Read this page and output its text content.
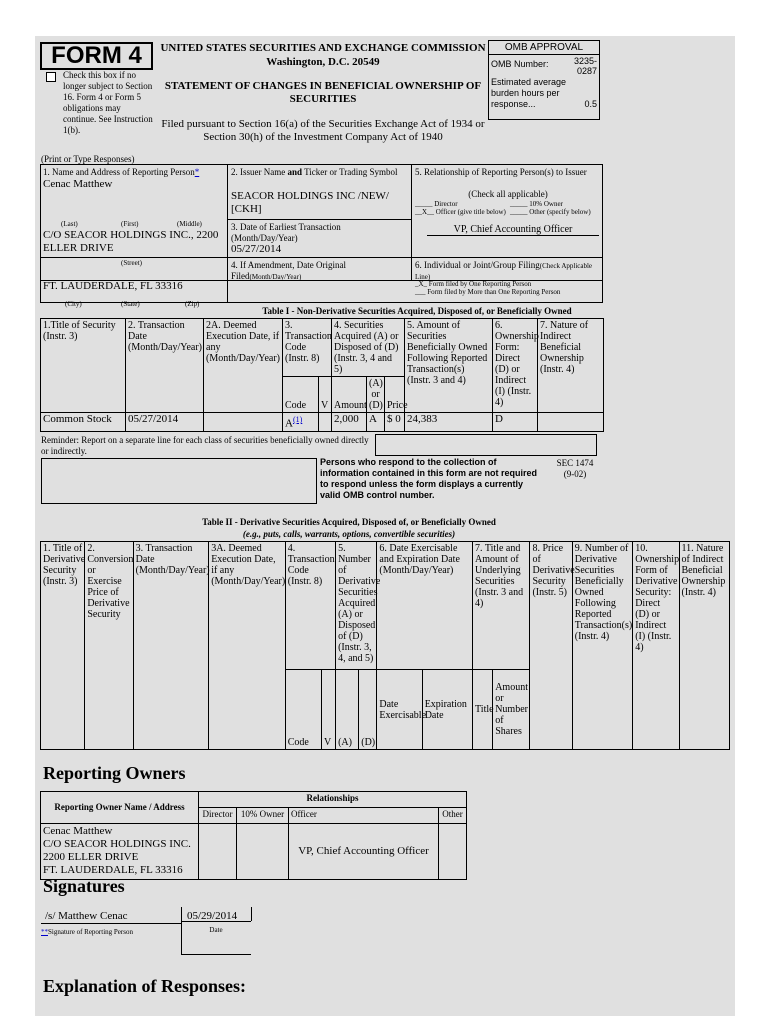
FORM 4
Check this box if no longer subject to Section 16. Form 4 or Form 5 obligations may continue. See Instruction 1(b).
UNITED STATES SECURITIES AND EXCHANGE COMMISSION
Washington, D.C. 20549
STATEMENT OF CHANGES IN BENEFICIAL OWNERSHIP OF SECURITIES
Filed pursuant to Section 16(a) of the Securities Exchange Act of 1934 or Section 30(h) of the Investment Company Act of 1940
OMB APPROVAL
OMB Number:	3235-0287
Estimated average burden hours per response...	0.5
(Print or Type Responses)
1. Name and Address of Reporting Person*
Cenac Matthew
(Last)	(First)	(Middle)
C/O SEACOR HOLDINGS INC., 2200 ELLER DRIVE
(Street)
FT. LAUDERDALE, FL 33316
(City)	(State)	(Zip)
2. Issuer Name and Ticker or Trading Symbol
SEACOR HOLDINGS INC /NEW/ [CKH]
3. Date of Earliest Transaction (Month/Day/Year)
05/27/2014
4. If Amendment, Date Original Filed(Month/Day/Year)
5. Relationship of Reporting Person(s) to Issuer
(Check all applicable)
_____ Director	_____ 10% Owner
__X__ Officer (give title below) _____ Other (specify below)
VP, Chief Accounting Officer
6. Individual or Joint/Group Filing(Check Applicable Line)
_X_ Form filed by One Reporting Person
___ Form filed by More than One Reporting Person
Table I - Non-Derivative Securities Acquired, Disposed of, or Beneficially Owned
1.Title of Security (Instr. 3)	2. Transaction Date (Month/Day/Year)	2A. Deemed Execution Date, if any (Month/Day/Year)	3. Transaction Code (Instr. 8)		4. Securities Acquired (A) or Disposed of (D) (Instr. 3, 4 and 5)			5. Amount of Securities Beneficially Owned Following Reported Transaction(s) (Instr. 3 and 4)	6. Ownership Form: Direct (D) or Indirect (I) (Instr. 4)	7. Nature of Indirect Beneficial Ownership (Instr. 4)
			Code	V	Amount	(A) or (D)	Price			
Common Stock	05/27/2014		$A^{(1)}$		2,000	A	$ 0	24,383	D	
Reminder: Report on a separate line for each class of securities beneficially owned directly or indirectly.
Persons who respond to the collection of information contained in this form are not required to respond unless the form displays a currently valid OMB control number.
SEC 1474
(9-02)
Table II - Derivative Securities Acquired, Disposed of, or Beneficially Owned
(e.g., puts, calls, warrants, options, convertible securities)
1. Title of Derivative Security (Instr. 3)	2. Conversion or Exercise Price of Derivative Security	3. Transaction Date (Month/Day/Year)	3A. Deemed Execution Date, if any (Month/Day/Year)	4. Transaction Code (Instr. 8)		5. Number of Derivative Securities Acquired (A) or Disposed of (D) (Instr. 3, 4, and 5)		6. Date Exercisable and Expiration Date (Month/Day/Year)		7. Title and Amount of Underlying Securities (Instr. 3 and 4)		8. Price of Derivative Security (Instr. 5)	9. Number of Derivative Securities Beneficially Owned Following Reported Transaction(s) (Instr. 4)	10. Ownership Form of Derivative Security: Direct (D) or Indirect (I) (Instr. 4)	11. Nature of Indirect Beneficial Ownership (Instr. 4)
				Code	V	(A)	(D)	Date Exercisable	Expiration Date	Title	Amount or Number of Shares				
Reporting Owners
Reporting Owner Name / Address	Relationships			
	Director	10% Owner	Officer	Other

Cenac Matthew
C/O SEACOR HOLDINGS INC.
2200 ELLER DRIVE
FT. LAUDERDALE, FL 33316			VP, Chief Accounting Officer	
Signatures
/s/ Matthew Cenac
**Signature of Reporting Person
05/29/2014
Date
Explanation of Responses:
